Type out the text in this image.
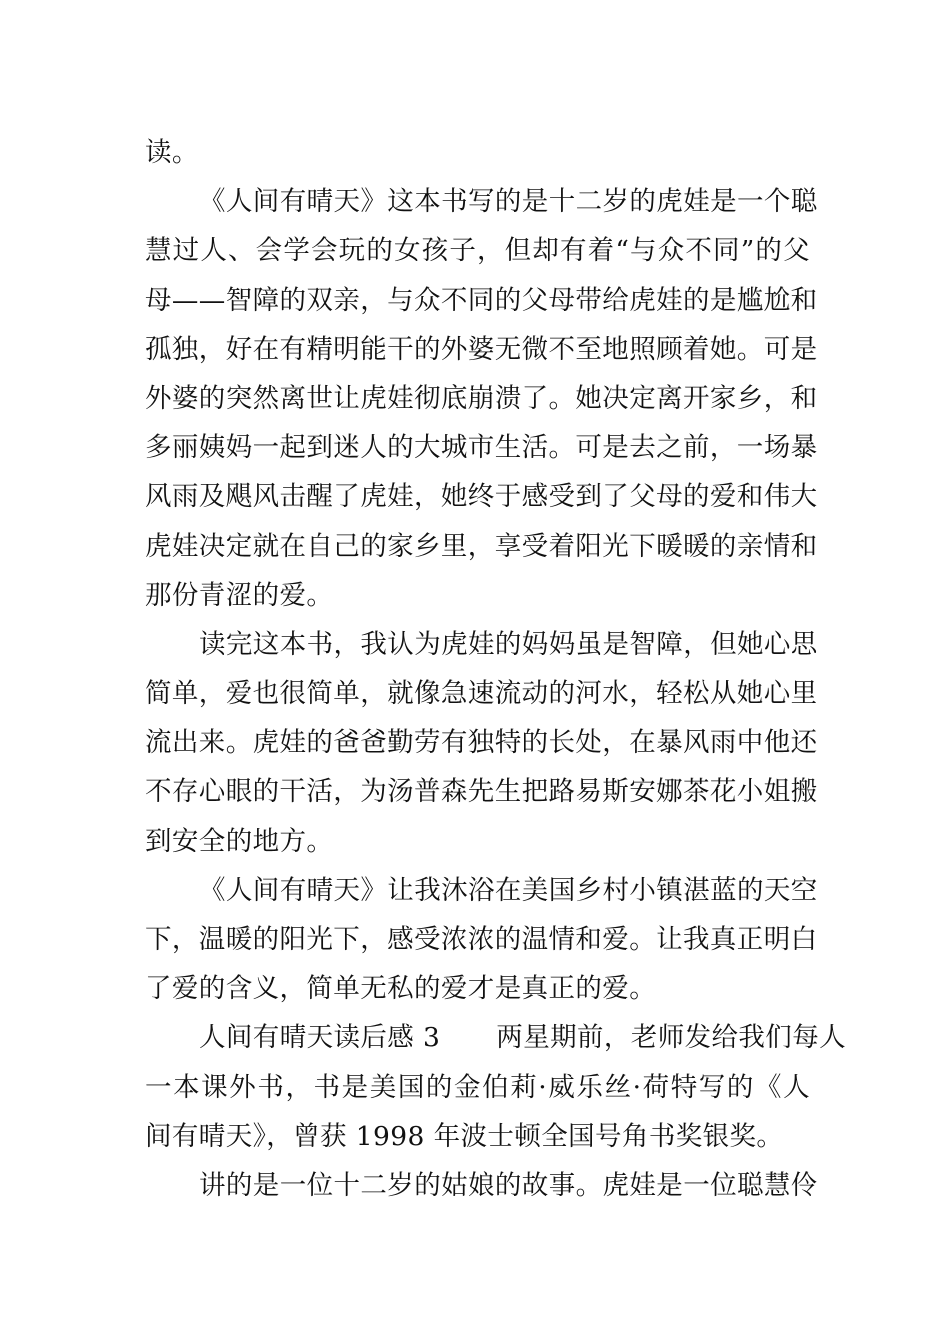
读。
《人间有晴天》这本书写的是十二岁的虎娃是一个聪
慧过人、会学会玩的女孩子，但却有着“与众不同”的父
母——智障的双亲，与众不同的父母带给虎娃的是尴尬和
孤独，好在有精明能干的外婆无微不至地照顾着她。可是
外婆的突然离世让虎娃彻底崩溃了。她决定离开家乡，和
多丽姨妈一起到迷人的大城市生活。可是去之前，一场暴
风雨及飓风击醒了虎娃，她终于感受到了父母的爱和伟大
虎娃决定就在自己的家乡里，享受着阳光下暖暖的亲情和
那份青涩的爱。
读完这本书，我认为虎娃的妈妈虽是智障，但她心思
简单，爱也很简单，就像急速流动的河水，轻松从她心里
流出来。虎娃的爸爸勤劳有独特的长处，在暴风雨中他还
不存心眼的干活，为汤普森先生把路易斯安娜茶花小姐搬
到安全的地方。
《人间有晴天》让我沐浴在美国乡村小镇湛蓝的天空
下，温暖的阳光下，感受浓浓的温情和爱。让我真正明白
了爱的含义，简单无私的爱才是真正的爱。
人间有晴天读后感 3 两星期前，老师发给我们每人
一本课外书，书是美国的金伯莉·威乐丝·荷特写的《人
间有晴天》，曾获 1998 年波士顿全国号角书奖银奖。
讲的是一位十二岁的姑娘的故事。虎娃是一位聪慧伶
